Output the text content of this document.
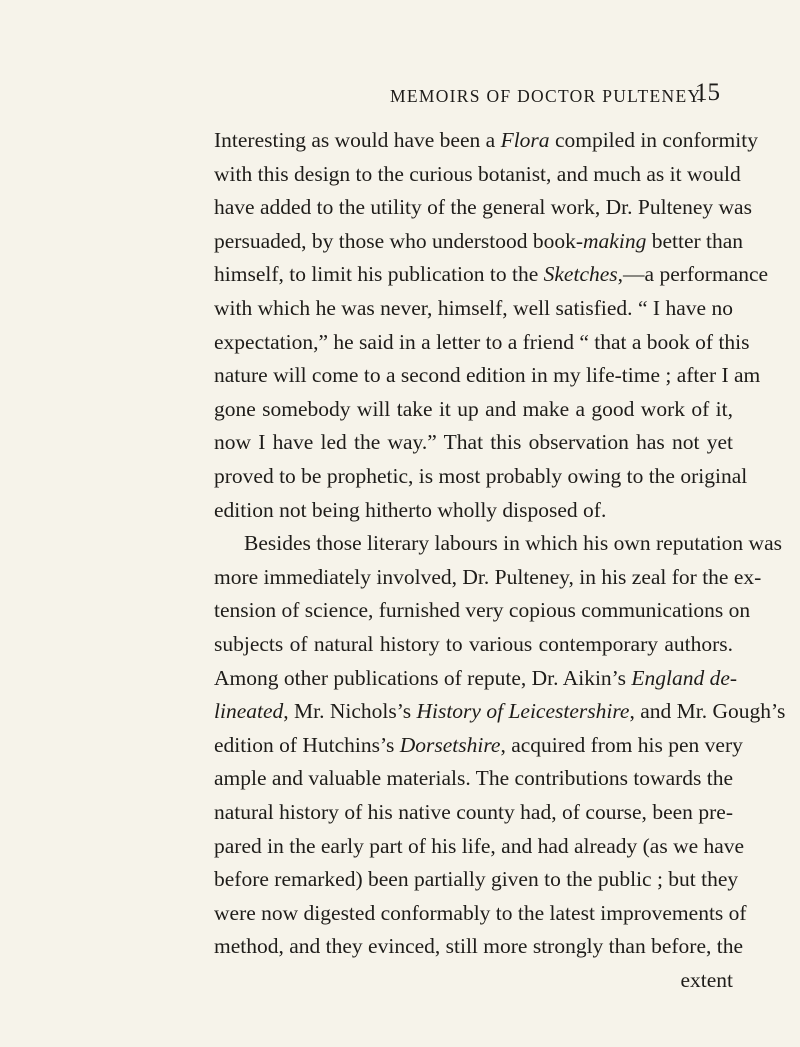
MEMOIRS OF DOCTOR PULTENEY.
15
Interesting as would have been a Flora compiled in conformity
with this design to the curious botanist, and much as it would
have added to the utility of the general work, Dr. Pulteney was
persuaded, by those who understood book-making better than
himself, to limit his publication to the Sketches,—a performance
with which he was never, himself, well satisfied. “ I have no
expectation,” he said in a letter to a friend “ that a book of this
nature will come to a second edition in my life-time ; after I am
gone somebody will take it up and make a good work of it,
now I have led the way.” That this observation has not yet
proved to be prophetic, is most probably owing to the original
edition not being hitherto wholly disposed of.
Besides those literary labours in which his own reputation was
more immediately involved, Dr. Pulteney, in his zeal for the ex-
tension of science, furnished very copious communications on
subjects of natural history to various contemporary authors.
Among other publications of repute, Dr. Aikin’s England de-
lineated, Mr. Nichols’s History of Leicestershire, and Mr. Gough’s
edition of Hutchins’s Dorsetshire, acquired from his pen very
ample and valuable materials. The contributions towards the
natural history of his native county had, of course, been pre-
pared in the early part of his life, and had already (as we have
before remarked) been partially given to the public ; but they
were now digested conformably to the latest improvements of
method, and they evinced, still more strongly than before, the
extent
